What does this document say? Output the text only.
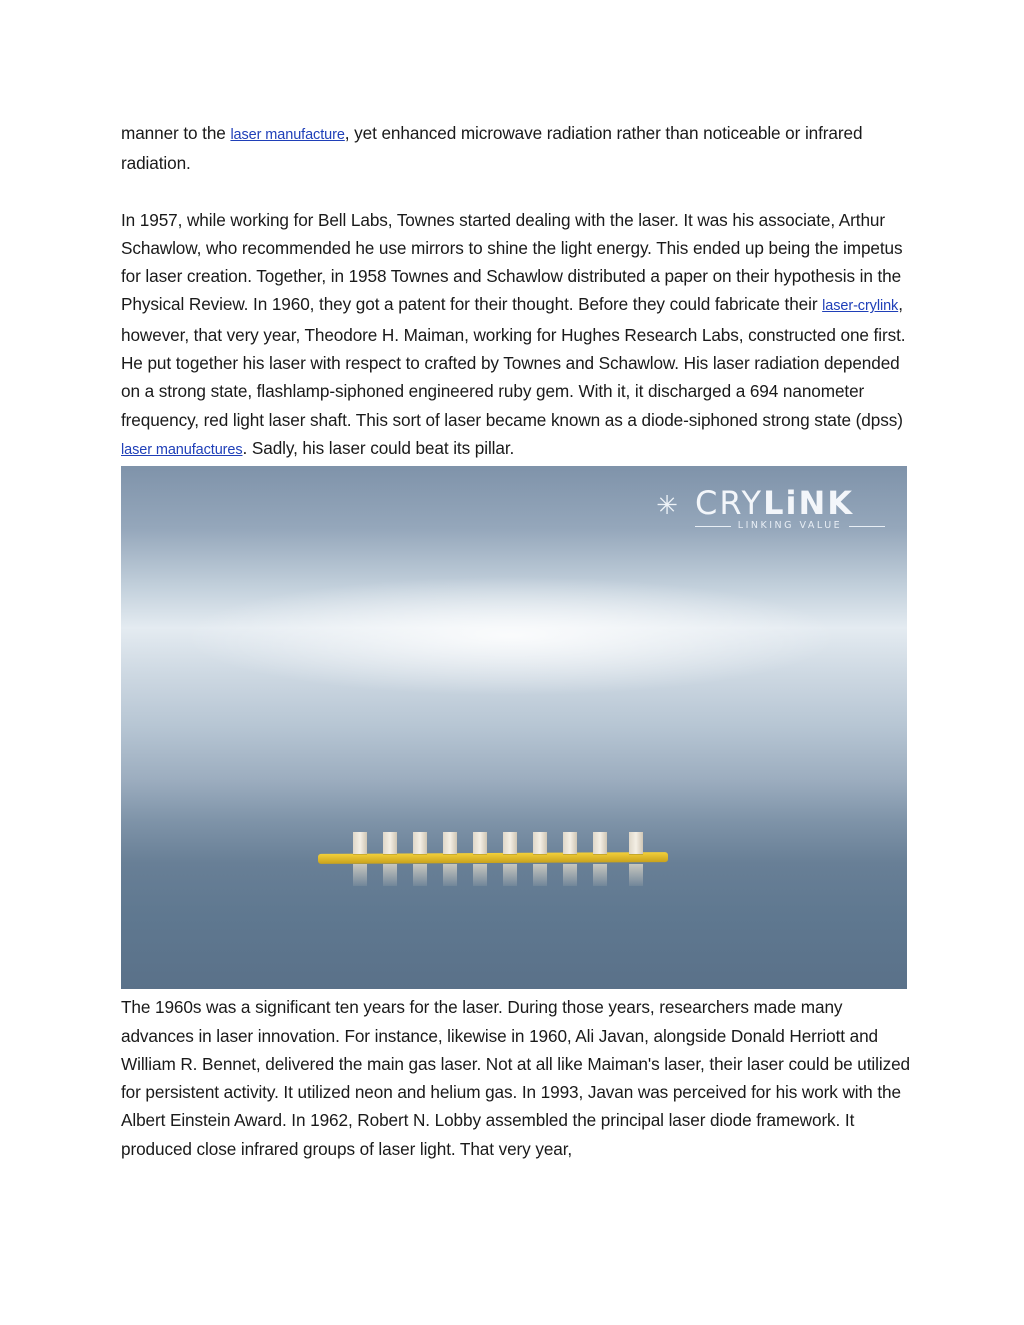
manner to the laser manufacture, yet enhanced microwave radiation rather than noticeable or infrared radiation.

In 1957, while working for Bell Labs, Townes started dealing with the laser. It was his associate, Arthur Schawlow, who recommended he use mirrors to shine the light energy. This ended up being the impetus for laser creation. Together, in 1958 Townes and Schawlow distributed a paper on their hypothesis in the Physical Review. In 1960, they got a patent for their thought. Before they could fabricate their laser-crylink, however, that very year, Theodore H. Maiman, working for Hughes Research Labs, constructed one first. He put together his laser with respect to crafted by Townes and Schawlow. His laser radiation depended on a strong state, flashlamp-siphoned engineered ruby gem. With it, it discharged a 694 nanometer frequency, red light laser shaft. This sort of laser became known as a diode-siphoned strong state (dpss) laser manufactures. Sadly, his laser could beat its pillar.

✳ CRYLiNK
LINKING VALUE

The 1960s was a significant ten years for the laser. During those years, researchers made many advances in laser innovation. For instance, likewise in 1960, Ali Javan, alongside Donald Herriott and William R. Bennet, delivered the main gas laser. Not at all like Maiman's laser, their laser could be utilized for persistent activity. It utilized neon and helium gas. In 1993, Javan was perceived for his work with the Albert Einstein Award. In 1962, Robert N. Lobby assembled the principal laser diode framework. It produced close infrared groups of laser light. That very year,
